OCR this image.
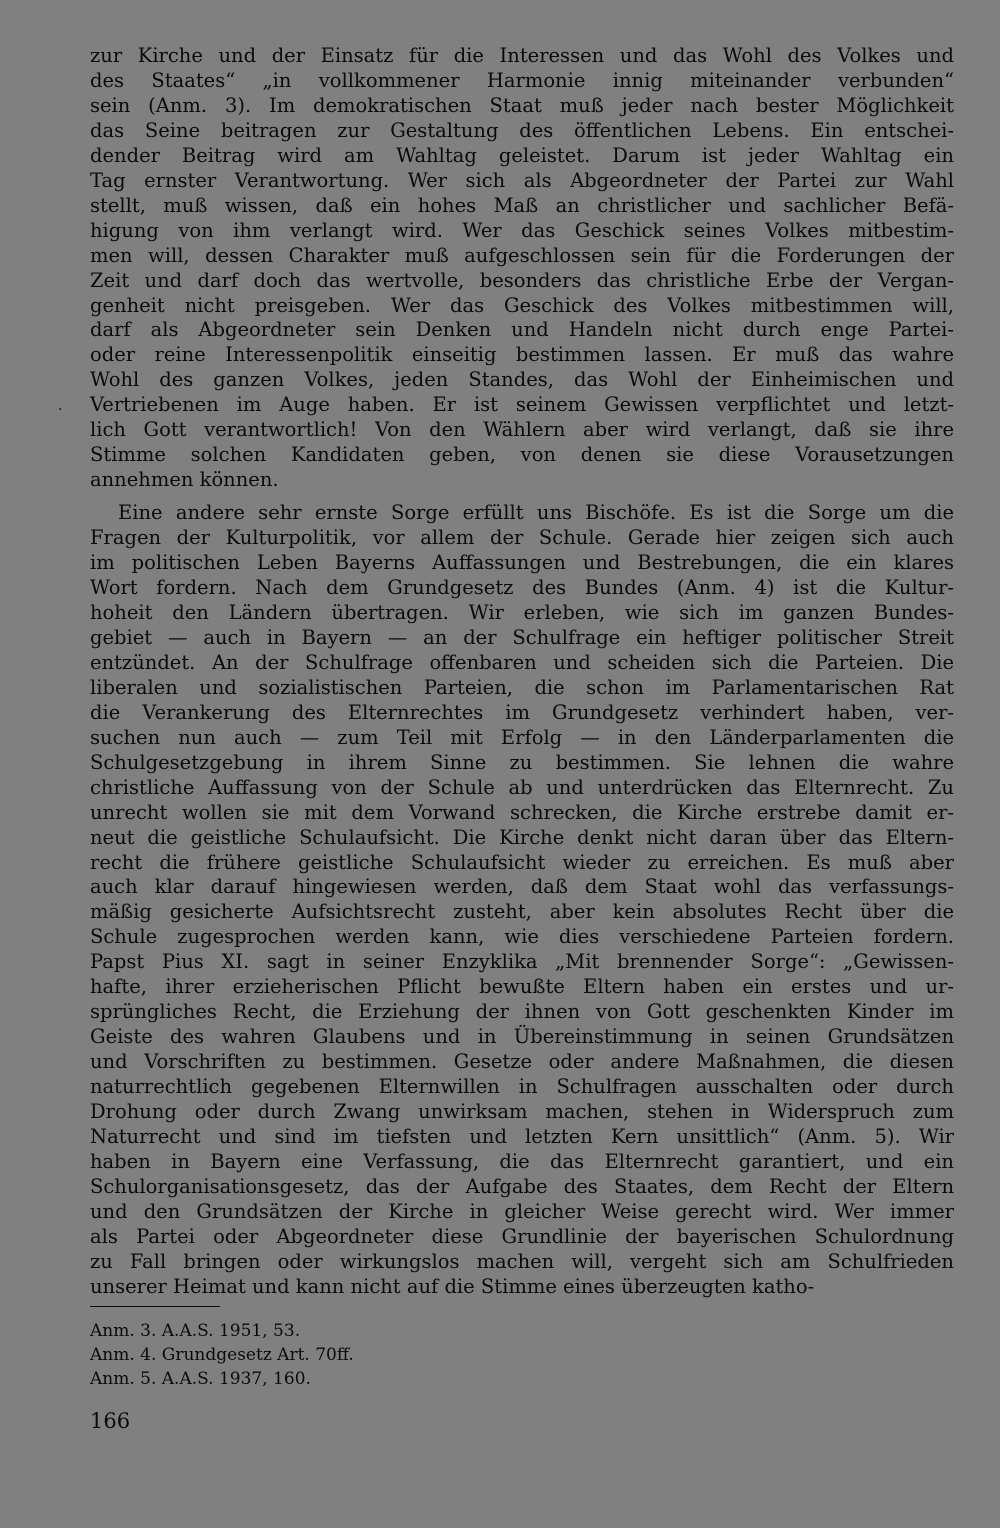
·
zur Kirche und der Einsatz für die Interessen und das Wohl des Volkes und
des Staates“ „in vollkommener Harmonie innig miteinander verbunden“
sein (Anm. 3). Im demokratischen Staat muß jeder nach bester Möglichkeit
das Seine beitragen zur Gestaltung des öffentlichen Lebens. Ein entschei-
dender Beitrag wird am Wahltag geleistet. Darum ist jeder Wahltag ein
Tag ernster Verantwortung. Wer sich als Abgeordneter der Partei zur Wahl
stellt, muß wissen, daß ein hohes Maß an christlicher und sachlicher Befä-
higung von ihm verlangt wird. Wer das Geschick seines Volkes mitbestim-
men will, dessen Charakter muß aufgeschlossen sein für die Forderungen der
Zeit und darf doch das wertvolle, besonders das christliche Erbe der Vergan-
genheit nicht preisgeben. Wer das Geschick des Volkes mitbestimmen will,
darf als Abgeordneter sein Denken und Handeln nicht durch enge Partei-
oder reine Interessenpolitik einseitig bestimmen lassen. Er muß das wahre
Wohl des ganzen Volkes, jeden Standes, das Wohl der Einheimischen und
Vertriebenen im Auge haben. Er ist seinem Gewissen verpflichtet und letzt-
lich Gott verantwortlich! Von den Wählern aber wird verlangt, daß sie ihre
Stimme solchen Kandidaten geben, von denen sie diese Vorausetzungen
annehmen können.
Eine andere sehr ernste Sorge erfüllt uns Bischöfe. Es ist die Sorge um die
Fragen der Kulturpolitik, vor allem der Schule. Gerade hier zeigen sich auch
im politischen Leben Bayerns Auffassungen und Bestrebungen, die ein klares
Wort fordern. Nach dem Grundgesetz des Bundes (Anm. 4) ist die Kultur-
hoheit den Ländern übertragen. Wir erleben, wie sich im ganzen Bundes-
gebiet — auch in Bayern — an der Schulfrage ein heftiger politischer Streit
entzündet. An der Schulfrage offenbaren und scheiden sich die Parteien. Die
liberalen und sozialistischen Parteien, die schon im Parlamentarischen Rat
die Verankerung des Elternrechtes im Grundgesetz verhindert haben, ver-
suchen nun auch — zum Teil mit Erfolg — in den Länderparlamenten die
Schulgesetzgebung in ihrem Sinne zu bestimmen. Sie lehnen die wahre
christliche Auffassung von der Schule ab und unterdrücken das Elternrecht. Zu
unrecht wollen sie mit dem Vorwand schrecken, die Kirche erstrebe damit er-
neut die geistliche Schulaufsicht. Die Kirche denkt nicht daran über das Eltern-
recht die frühere geistliche Schulaufsicht wieder zu erreichen. Es muß aber
auch klar darauf hingewiesen werden, daß dem Staat wohl das verfassungs-
mäßig gesicherte Aufsichtsrecht zusteht, aber kein absolutes Recht über die
Schule zugesprochen werden kann, wie dies verschiedene Parteien fordern.
Papst Pius XI. sagt in seiner Enzyklika „Mit brennender Sorge“: „Gewissen-
hafte, ihrer erzieherischen Pflicht bewußte Eltern haben ein erstes und ur-
sprüngliches Recht, die Erziehung der ihnen von Gott geschenkten Kinder im
Geiste des wahren Glaubens und in Übereinstimmung in seinen Grundsätzen
und Vorschriften zu bestimmen. Gesetze oder andere Maßnahmen, die diesen
naturrechtlich gegebenen Elternwillen in Schulfragen ausschalten oder durch
Drohung oder durch Zwang unwirksam machen, stehen in Widerspruch zum
Naturrecht und sind im tiefsten und letzten Kern unsittlich“ (Anm. 5). Wir
haben in Bayern eine Verfassung, die das Elternrecht garantiert, und ein
Schulorganisationsgesetz, das der Aufgabe des Staates, dem Recht der Eltern
und den Grundsätzen der Kirche in gleicher Weise gerecht wird. Wer immer
als Partei oder Abgeordneter diese Grundlinie der bayerischen Schulordnung
zu Fall bringen oder wirkungslos machen will, vergeht sich am Schulfrieden
unserer Heimat und kann nicht auf die Stimme eines überzeugten katho-
Anm. 3. A.A.S. 1951, 53.
Anm. 4. Grundgesetz Art. 70ff.
Anm. 5. A.A.S. 1937, 160.
166
